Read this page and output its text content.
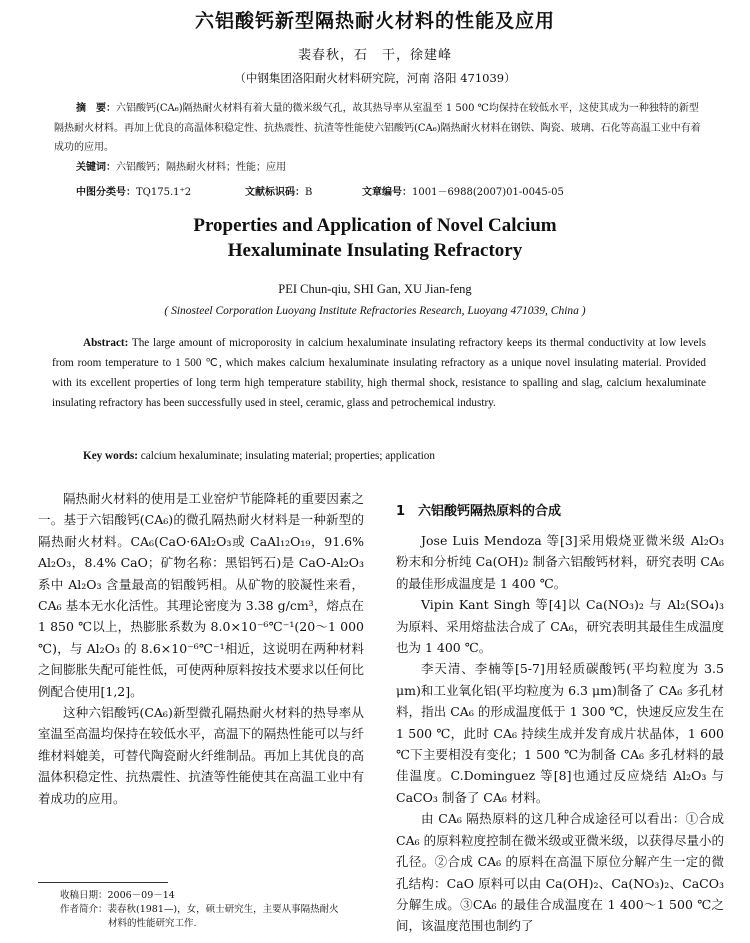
六铝酸钙新型隔热耐火材料的性能及应用
裴春秋，石　干，徐建峰
（中钢集团洛阳耐火材料研究院，河南 洛阳 471039）
摘　要：六铝酸钙(CA₆)隔热耐火材料有着大量的微米级气孔，故其热导率从室温至 1 500 ℃均保持在较低水平，这使其成为一种独特的新型隔热耐火材料。再加上优良的高温体积稳定性、抗热震性、抗渣等性能使六铝酸钙(CA₆)隔热耐火材料在钢铁、陶瓷、玻璃、石化等高温工业中有着成功的应用。
关键词：六铝酸钙；隔热耐火材料；性能；应用
中图分类号：TQ175.1⁺2	文献标识码：B	文章编号：1001－6988(2007)01-0045-05
Properties and Application of Novel Calcium
Hexaluminate Insulating Refractory
PEI Chun-qiu, SHI Gan, XU Jian-feng
( Sinosteel Corporation Luoyang Institute Refractories Research, Luoyang 471039, China )
Abstract: The large amount of microporosity in calcium hexaluminate insulating refractory keeps its thermal conductivity at low levels from room temperature to 1 500 ℃, which makes calcium hexaluminate insulating refractory as a unique novel insulating material. Provided with its excellent properties of long term high temperature stability, high thermal shock, resistance to spalling and slag, calcium hexaluminate insulating refractory has been successfully used in steel, ceramic, glass and petrochemical industry.
Key words: calcium hexaluminate; insulating material; properties; application

隔热耐火材料的使用是工业窑炉节能降耗的重要因素之一。基于六铝酸钙(CA₆)的微孔隔热耐火材料是一种新型的隔热耐火材料。CA₆(CaO·6Al₂O₃或 CaAl₁₂O₁₉，91.6% Al₂O₃，8.4% CaO；矿物名称：黑铝钙石)是 CaO-Al₂O₃ 系中 Al₂O₃ 含量最高的铝酸钙相。从矿物的胶凝性来看，CA₆ 基本无水化活性。其理论密度为 3.38 g/cm³，熔点在 1 850 ℃以上，热膨胀系数为 8.0×10⁻⁶℃⁻¹(20～1 000 ℃)，与 Al₂O₃ 的 8.6×10⁻⁶℃⁻¹相近，这说明在两种材料之间膨胀失配可能性低，可使两种原料按技术要求以任何比例配合使用[1,2]。

这种六铝酸钙(CA₆)新型微孔隔热耐火材料的热导率从室温至高温均保持在较低水平，高温下的隔热性能可以与纤维材料媲美，可替代陶瓷耐火纤维制品。再加上其优良的高温体积稳定性、抗热震性、抗渣等性能使其在高温工业中有着成功的应用。

1　六铝酸钙隔热原料的合成

Jose Luis Mendoza 等[3]采用煅烧亚微米级 Al₂O₃ 粉末和分析纯 Ca(OH)₂ 制备六铝酸钙材料，研究表明 CA₆ 的最佳形成温度是 1 400 ℃。

Vipin Kant Singh 等[4]以 Ca(NO₃)₂ 与 Al₂(SO₄)₃ 为原料、采用熔盐法合成了 CA₆，研究表明其最佳生成温度也为 1 400 ℃。

李天清、李楠等[5-7]用轻质碳酸钙(平均粒度为 3.5 μm)和工业氧化铝(平均粒度为 6.3 μm)制备了 CA₆ 多孔材料，指出 CA₆ 的形成温度低于 1 300 ℃，快速反应发生在 1 500 ℃，此时 CA₆ 持续生成并发育成片状晶体，1 600 ℃下主要相没有变化；1 500 ℃为制备 CA₆ 多孔材料的最佳温度。C.Dominguez 等[8]也通过反应烧结 Al₂O₃ 与 CaCO₃ 制备了 CA₆ 材料。

由 CA₆ 隔热原料的这几种合成途径可以看出：①合成 CA₆ 的原料粒度控制在微米级或亚微米级，以获得尽量小的孔径。②合成 CA₆ 的原料在高温下原位分解产生一定的微孔结构：CaO 原料可以由 Ca(OH)₂、Ca(NO₃)₂、CaCO₃ 分解生成。③CA₆ 的最佳合成温度在 1 400～1 500 ℃之间，该温度范围也制约了

收稿日期：2006－09－14
作者简介：裴春秋(1981—)，女，硕士研究生，主要从事隔热耐火
材料的性能研究工作.
